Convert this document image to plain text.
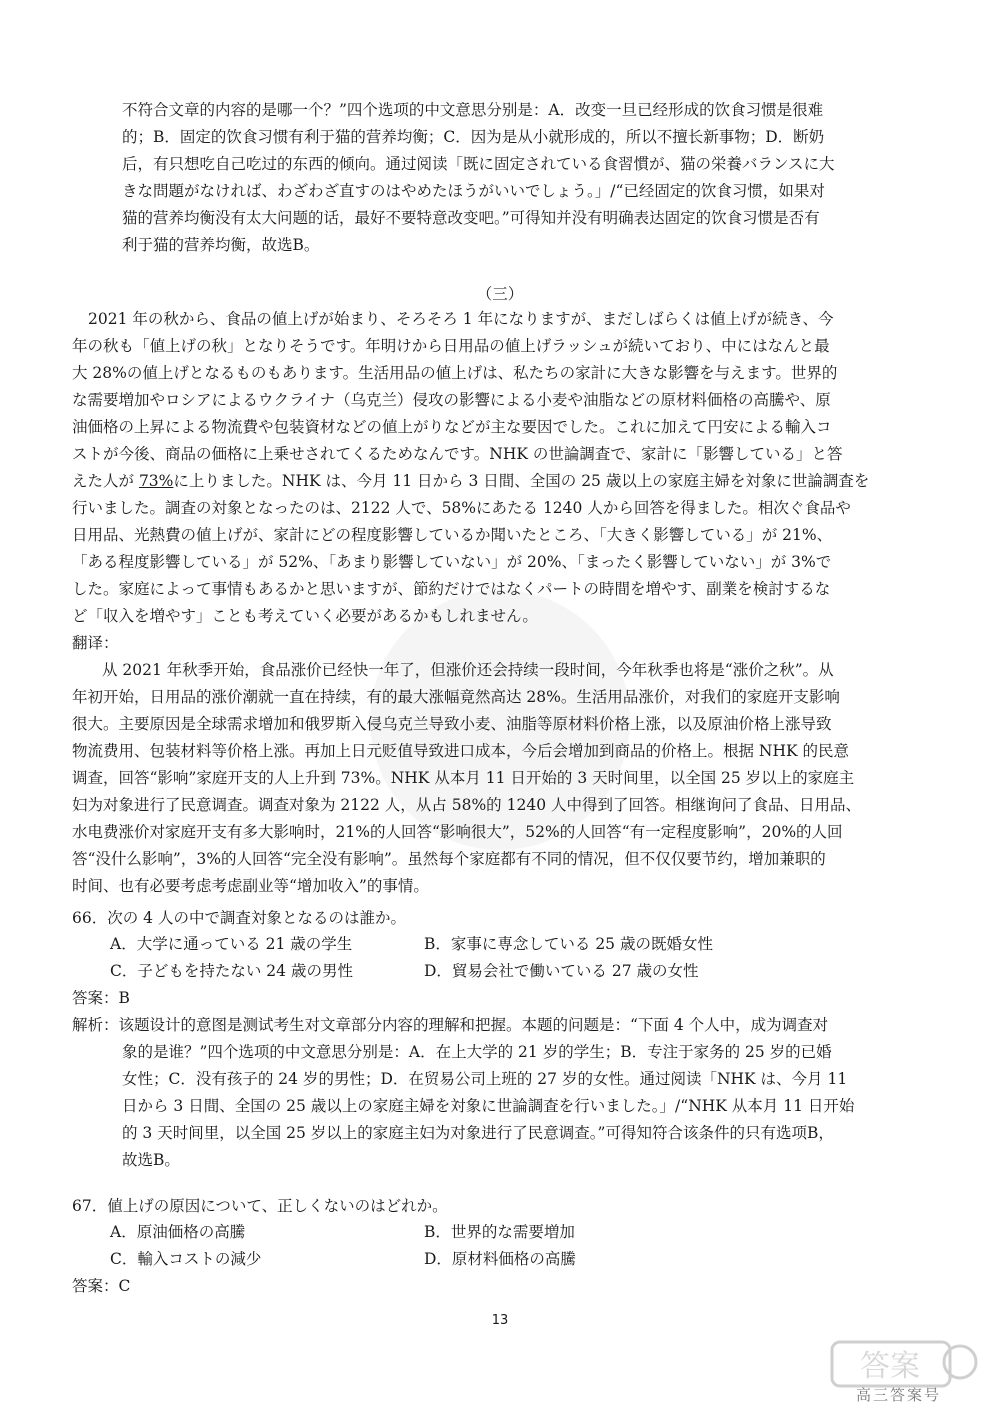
不符合文章的内容的是哪一个？”四个选项的中文意思分别是：A．改变一旦已经形成的饮食习惯是很难

的；B．固定的饮食习惯有利于猫的营养均衡；C．因为是从小就形成的，所以不擅长新事物；D．断奶

后，有只想吃自己吃过的东西的倾向。通过阅读「既に固定されている食習慣が、猫の栄養バランスに大

きな問題がなければ、わざわざ直すのはやめたほうがいいでしょう。」/“已经固定的饮食习惯，如果对

猫的营养均衡没有太大问题的话，最好不要特意改变吧。”可得知并没有明确表达固定的饮食习惯是否有

利于猫的营养均衡，故选B。

（三）

2021 年の秋から、食品の値上げが始まり、そろそろ 1 年になりますが、まだしばらくは値上げが続き、今

年の秋も「値上げの秋」となりそうです。年明けから日用品の値上げラッシュが続いており、中にはなんと最

大 28%の値上げとなるものもあります。生活用品の値上げは、私たちの家計に大きな影響を与えます。世界的

な需要増加やロシアによるウクライナ（乌克兰）侵攻の影響による小麦や油脂などの原材料価格の高騰や、原

油価格の上昇による物流費や包装資材などの値上がりなどが主な要因でした。これに加えて円安による輸入コ

ストが今後、商品の価格に上乗せされてくるためなんです。NHK の世論調査で、家計に「影響している」と答

えた人が 73%に上りました。NHK は、今月 11 日から 3 日間、全国の 25 歳以上の家庭主婦を対象に世論調査を

行いました。調査の対象となったのは、2122 人で、58%にあたる 1240 人から回答を得ました。相次ぐ食品や

日用品、光熱費の値上げが、家計にどの程度影響しているか聞いたところ、「大きく影響している」が 21%、

「ある程度影響している」が 52%、「あまり影響していない」が 20%、「まったく影響していない」が 3%で

した。家庭によって事情もあるかと思いますが、節約だけではなくパートの時間を増やす、副業を検討するな

ど「収入を増やす」ことも考えていく必要があるかもしれません。

翻译：

从 2021 年秋季开始，食品涨价已经快一年了，但涨价还会持续一段时间，今年秋季也将是“涨价之秋”。从

年初开始，日用品的涨价潮就一直在持续，有的最大涨幅竟然高达 28%。生活用品涨价，对我们的家庭开支影响

很大。主要原因是全球需求增加和俄罗斯入侵乌克兰导致小麦、油脂等原材料价格上涨，以及原油价格上涨导致

物流费用、包装材料等价格上涨。再加上日元贬值导致进口成本，今后会增加到商品的价格上。根据 NHK 的民意

调查，回答“影响”家庭开支的人上升到 73%。NHK 从本月 11 日开始的 3 天时间里，以全国 25 岁以上的家庭主

妇为对象进行了民意调查。调查对象为 2122 人，从占 58%的 1240 人中得到了回答。相继询问了食品、日用品、

水电费涨价对家庭开支有多大影响时，21%的人回答“影响很大”，52%的人回答“有一定程度影响”，20%的人回

答“没什么影响”，3%的人回答“完全没有影响”。虽然每个家庭都有不同的情况，但不仅仅要节约，增加兼职的

时间、也有必要考虑考虑副业等“增加收入”的事情。

66．次の 4 人の中で調査対象となるのは誰か。

A．大学に通っている 21 歳の学生	B．家事に専念している 25 歳の既婚女性
C．子どもを持たない 24 歳の男性	D．貿易会社で働いている 27 歳の女性

答案：B

解析：该题设计的意图是测试考生对文章部分内容的理解和把握。本题的问题是：“下面 4 个人中，成为调查对

象的是谁？”四个选项的中文意思分别是：A．在上大学的 21 岁的学生；B．专注于家务的 25 岁的已婚

女性；C．没有孩子的 24 岁的男性；D．在贸易公司上班的 27 岁的女性。通过阅读「NHK は、今月 11

日から 3 日間、全国の 25 歳以上の家庭主婦を対象に世論調査を行いました。」/“NHK 从本月 11 日开始

的 3 天时间里，以全国 25 岁以上的家庭主妇为对象进行了民意调查。”可得知符合该条件的只有选项B，

故选B。

67．値上げの原因について、正しくないのはどれか。

A．原油価格の高騰	B．世界的な需要増加
C．輸入コストの減少	D．原材料価格の高騰

答案：C

13
答案
高三答案号
